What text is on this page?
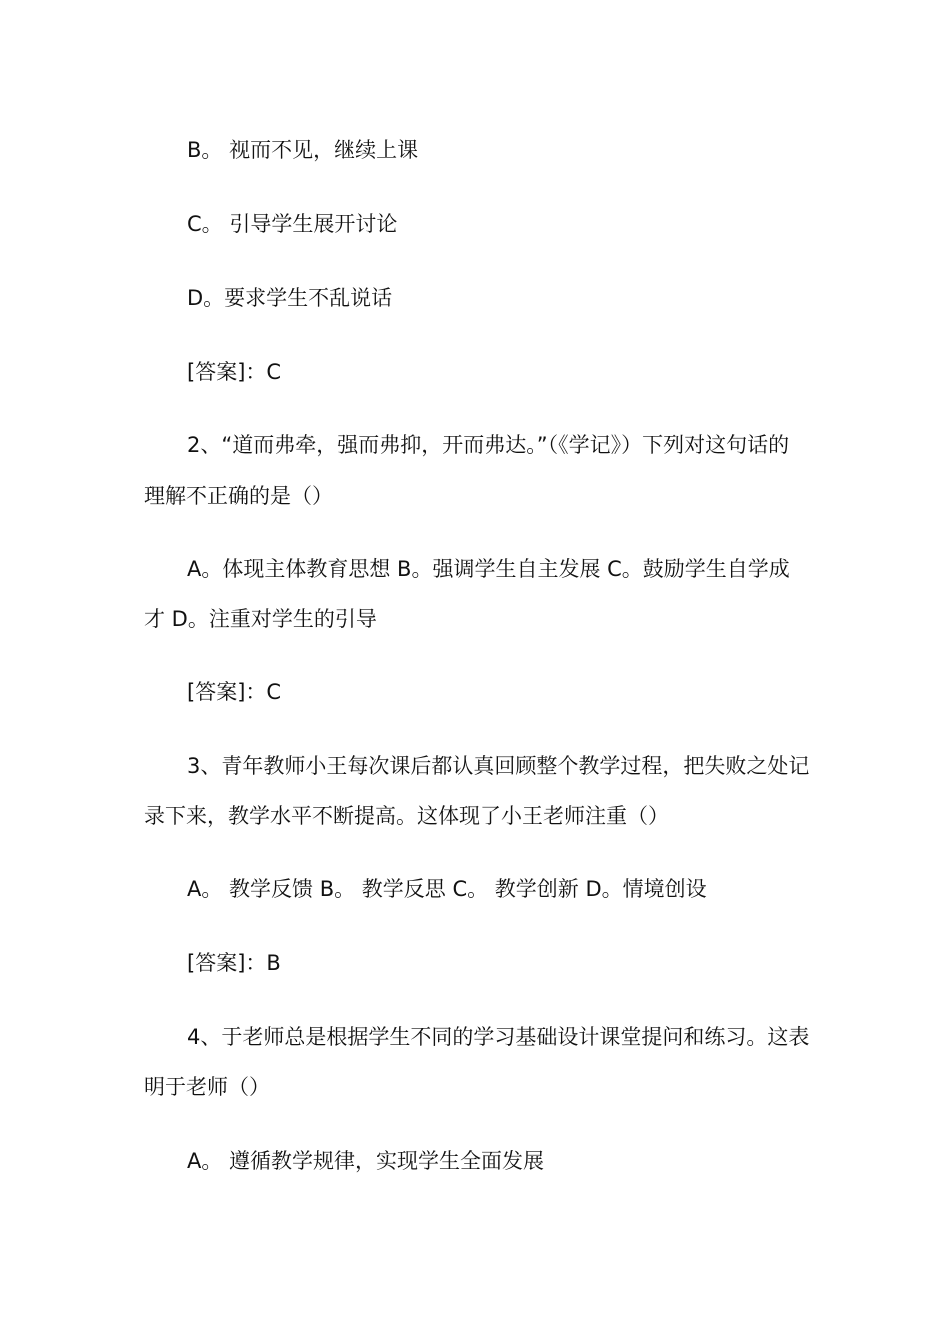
B。 视而不见，继续上课
C。 引导学生展开讨论
D。要求学生不乱说话
[答案]：C
2、“道而弗牵，强而弗抑，开而弗达。”（《学记》）下列对这句话的
理解不正确的是（）
A。体现主体教育思想 B。强调学生自主发展 C。鼓励学生自学成
才 D。注重对学生的引导
[答案]：C
3、青年教师小王每次课后都认真回顾整个教学过程，把失败之处记
录下来，教学水平不断提高。这体现了小王老师注重（）
A。 教学反馈 B。 教学反思 C。 教学创新 D。情境创设
[答案]：B
4、于老师总是根据学生不同的学习基础设计课堂提问和练习。这表
明于老师（）
A。 遵循教学规律，实现学生全面发展
